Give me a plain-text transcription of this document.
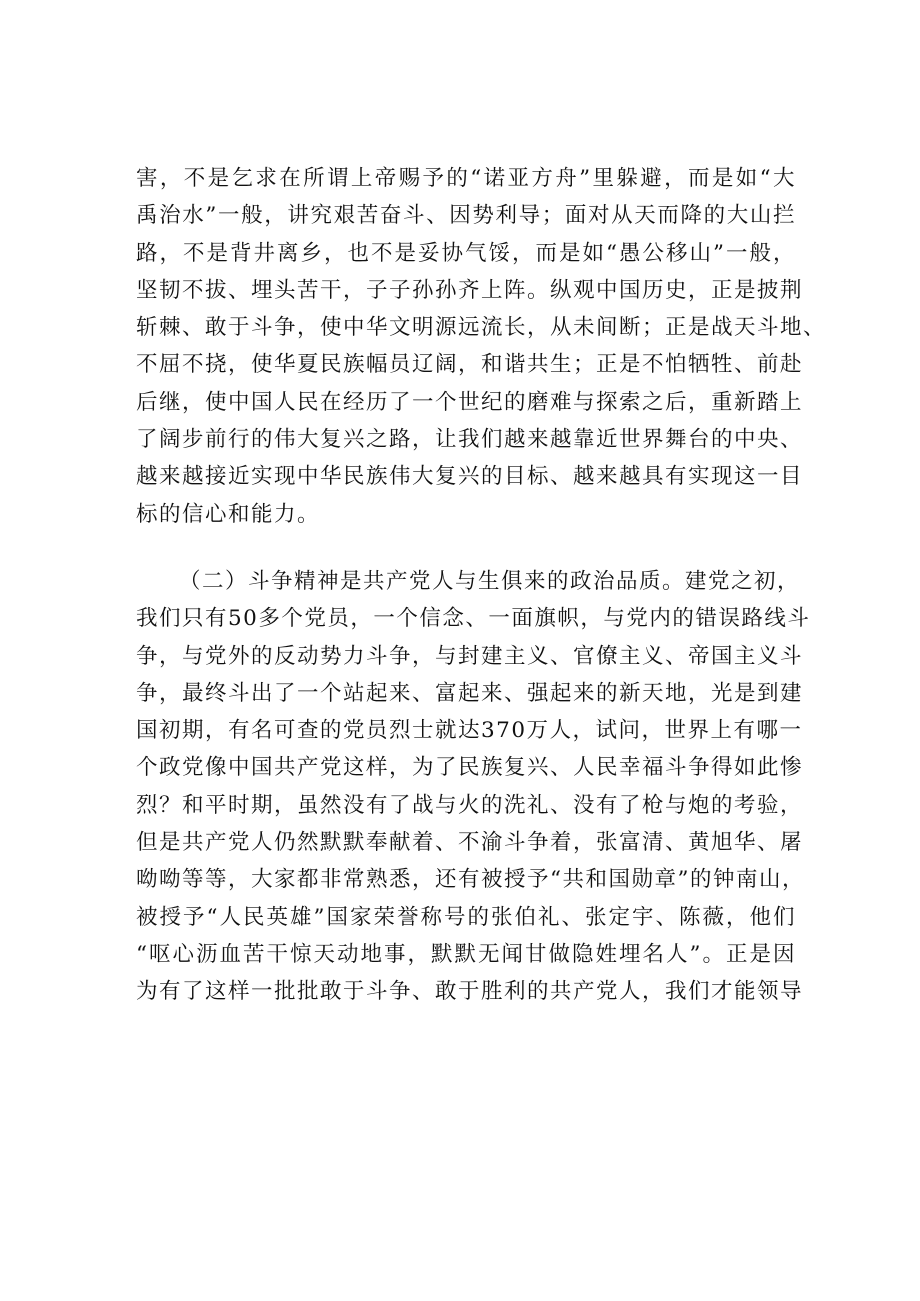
害，不是乞求在所谓上帝赐予的“诺亚方舟”里躲避，而是如“大
禹治水”一般，讲究艰苦奋斗、因势利导；面对从天而降的大山拦
路，不是背井离乡，也不是妥协气馁，而是如“愚公移山”一般，
坚韧不拔、埋头苦干，子子孙孙齐上阵。纵观中国历史，正是披荆
斩棘、敢于斗争，使中华文明源远流长，从未间断；正是战天斗地、
不屈不挠，使华夏民族幅员辽阔，和谐共生；正是不怕牺牲、前赴
后继，使中国人民在经历了一个世纪的磨难与探索之后，重新踏上
了阔步前行的伟大复兴之路，让我们越来越靠近世界舞台的中央、
越来越接近实现中华民族伟大复兴的目标、越来越具有实现这一目
标的信心和能力。
（二）斗争精神是共产党人与生俱来的政治品质。建党之初，
我们只有50多个党员，一个信念、一面旗帜，与党内的错误路线斗
争，与党外的反动势力斗争，与封建主义、官僚主义、帝国主义斗
争，最终斗出了一个站起来、富起来、强起来的新天地，光是到建
国初期，有名可查的党员烈士就达370万人，试问，世界上有哪一
个政党像中国共产党这样，为了民族复兴、人民幸福斗争得如此惨
烈？和平时期，虽然没有了战与火的洗礼、没有了枪与炮的考验，
但是共产党人仍然默默奉献着、不渝斗争着，张富清、黄旭华、屠
呦呦等等，大家都非常熟悉，还有被授予“共和国勋章”的钟南山，
被授予“人民英雄”国家荣誉称号的张伯礼、张定宇、陈薇，他们
“呕心沥血苦干惊天动地事，默默无闻甘做隐姓埋名人”。正是因
为有了这样一批批敢于斗争、敢于胜利的共产党人，我们才能领导
